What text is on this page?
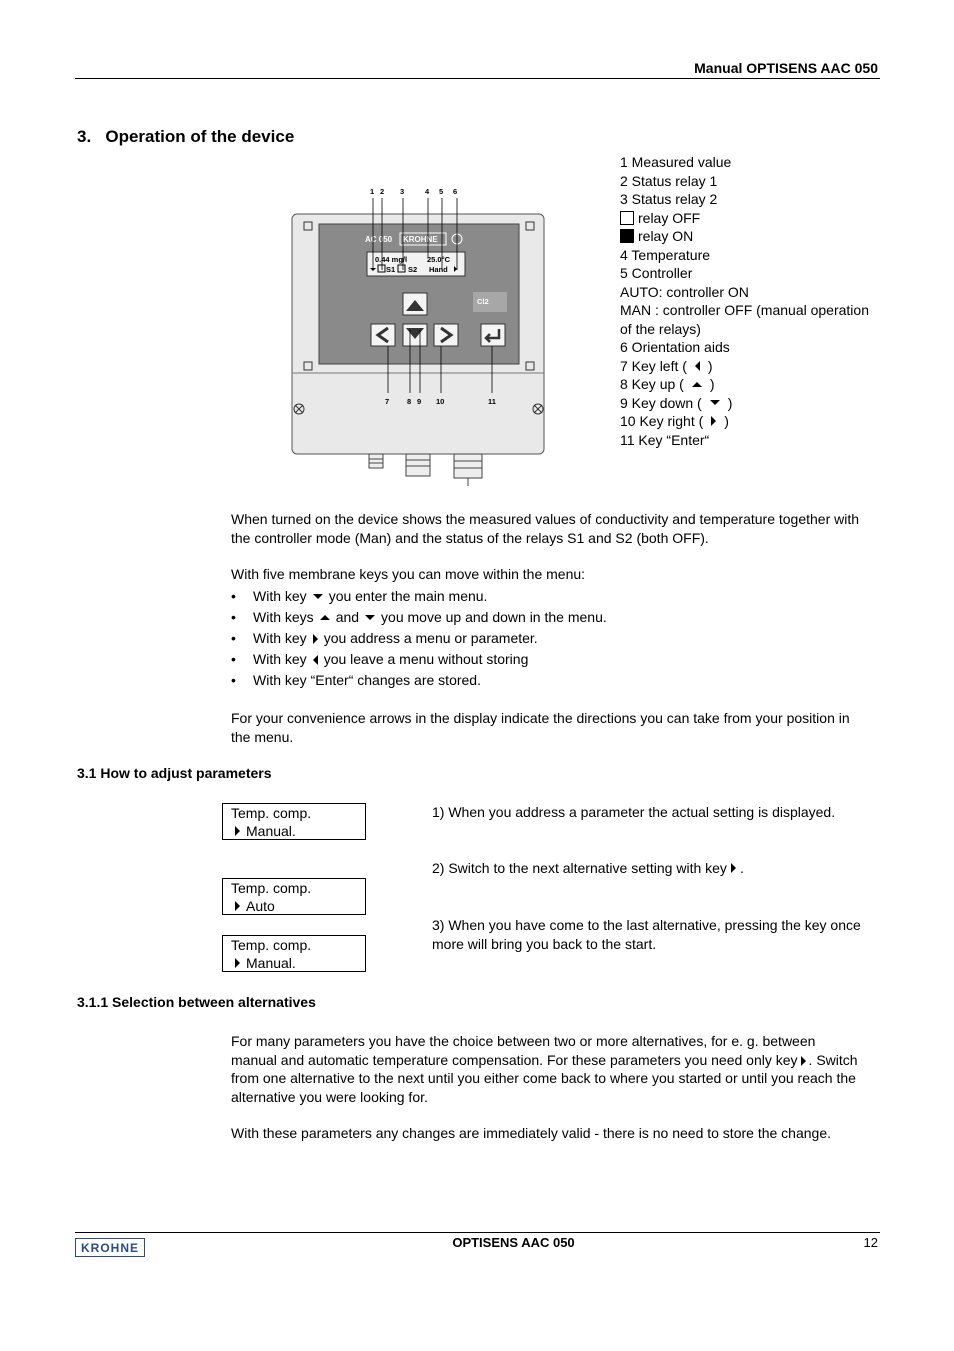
Manual OPTISENS AAC 050
3.   Operation of the device
AC 050 KROHNE
0.44 mg/l	25.0°C
S1 S2 Hand
1 2 3	4 5 6
Cl2
7 8 9 10	11
1 Measured value
2 Status relay 1
3 Status relay 2
relay OFF
relay ON
4 Temperature
5 Controller
AUTO: controller ON
MAN : controller OFF (manual operation
of the relays)
6 Orientation aids
7 Key left ( )
8 Key up ( )
9 Key down ( )
10 Key right ( )
11 Key “Enter“
When turned on the device shows the measured values of conductivity and temperature together with the controller mode (Man) and the status of the relays S1 and S2 (both OFF).
With five membrane keys you can move within the menu:
•	With key you enter the main menu.
•	With keys and you move up and down in the menu.
•	With key you address a menu or parameter.
•	With key you leave a menu without storing
•	With key “Enter“ changes are stored.
For your convenience arrows in the display indicate the directions you can take from your position in the menu.
3.1 How to adjust parameters
Temp. comp.
Manual.
Temp. comp.
Auto
Temp. comp.
Manual.
1) When you address a parameter the actual setting is displayed.
2) Switch to the next alternative setting with key .
3) When you have come to the last alternative, pressing the key once more will bring you back to the start.
3.1.1 Selection between alternatives
For many parameters you have the choice between two or more alternatives, for e. g. between manual and automatic temperature compensation. For these parameters you need only key . Switch from one alternative to the next until you either come back to where you started or until you reach the alternative you were looking for.
With these parameters any changes are immediately valid - there is no need to store the change.
KROHNE	OPTISENS AAC 050	12
